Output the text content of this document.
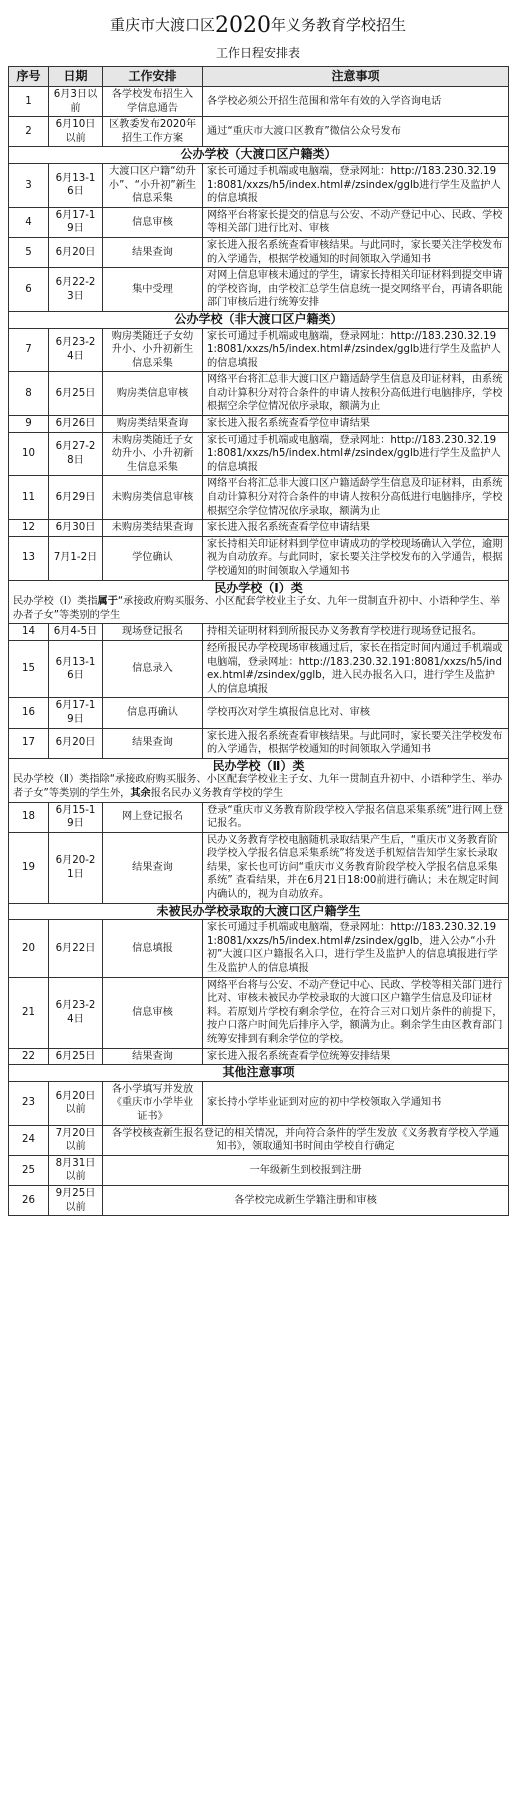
重庆市大渡口区2020年义务教育学校招生
工作日程安排表
序号	日期	工作安排	注意事项
1	6月3日以前	各学校发布招生入学信息通告	各学校必须公开招生范围和常年有效的入学咨询电话
2	6月10日以前	区教委发布2020年招生工作方案	通过“重庆市大渡口区教育”微信公众号发布
公办学校（大渡口区户籍类）			
3	6月13-16日	大渡口区户籍“幼升小”、“小升初”新生信息采集	家长可通过手机端或电脑端，登录网址：http://183.230.32.191:8081/xxzs/h5/index.html#/zsindex/gglb进行学生及监护人的信息填报
4	6月17-19日	信息审核	网络平台将家长提交的信息与公安、不动产登记中心、民政、学校等相关部门进行比对、审核
5	6月20日	结果查询	家长进入报名系统查看审核结果。与此同时，家长要关注学校发布的入学通告，根据学校通知的时间领取入学通知书
6	6月22-23日	集中受理	对网上信息审核未通过的学生，请家长持相关印证材料到提交申请的学校咨询，由学校汇总学生信息统一提交网络平台，再请各职能部门审核后进行统筹安排
公办学校（非大渡口区户籍类）			
7	6月23-24日	购房类随迁子女幼升小、小升初新生信息采集	家长可通过手机端或电脑端，登录网址：http://183.230.32.191:8081/xxzs/h5/index.html#/zsindex/gglb进行学生及监护人的信息填报
8	6月25日	购房类信息审核	网络平台将汇总非大渡口区户籍适龄学生信息及印证材料，由系统自动计算积分对符合条件的申请人按积分高低进行电脑排序，学校根据空余学位情况依序录取，额满为止
9	6月26日	购房类结果查询	家长进入报名系统查看学位申请结果
10	6月27-28日	未购房类随迁子女幼升小、小升初新生信息采集	家长可通过手机端或电脑端，登录网址：http://183.230.32.191:8081/xxzs/h5/index.html#/zsindex/gglb进行学生及监护人的信息填报
11	6月29日	未购房类信息审核	网络平台将汇总非大渡口区户籍适龄学生信息及印证材料，由系统自动计算积分对符合条件的申请人按积分高低进行电脑排序，学校根据空余学位情况依序录取，额满为止
12	6月30日	未购房类结果查询	家长进入报名系统查看学位申请结果
13	7月1-2日	学位确认	家长持相关印证材料到学位申请成功的学校现场确认入学位，逾期视为自动放弃。与此同时，家长要关注学校发布的入学通告，根据学校通知的时间领取入学通知书

民办学校（Ⅰ）类
民办学校（Ⅰ）类指属于“承接政府购买服务、小区配套学校业主子女、九年一贯制直升初中、小语种学生、举办者子女”等类别的学生			
14	6月4-5日	现场登记报名	持相关证明材料到所报民办义务教育学校进行现场登记报名。
15	6月13-16日	信息录入	经所报民办学校现场审核通过后，家长在指定时间内通过手机端或电脑端，登录网址：http://183.230.32.191:8081/xxzs/h5/index.html#/zsindex/gglb，进入民办报名入口，进行学生及监护人的信息填报
16	6月17-19日	信息再确认	学校再次对学生填报信息比对、审核
17	6月20日	结果查询	家长进入报名系统查看审核结果。与此同时，家长要关注学校发布的入学通告，根据学校通知的时间领取入学通知书

民办学校（Ⅱ）类
民办学校（Ⅱ）类指除“承接政府购买服务、小区配套学校业主子女、九年一贯制直升初中、小语种学生、举办者子女”等类别的学生外，其余报名民办义务教育学校的学生			
18	6月15-19日	网上登记报名	登录“重庆市义务教育阶段学校入学报名信息采集系统”进行网上登记报名。
19	6月20-21日	结果查询	民办义务教育学校电脑随机录取结果产生后，“重庆市义务教育阶段学校入学报名信息采集系统”将发送手机短信告知学生家长录取结果，家长也可访问“重庆市义务教育阶段学校入学报名信息采集系统” 查看结果，并在6月21日18:00前进行确认；未在规定时间内确认的，视为自动放弃。
未被民办学校录取的大渡口区户籍学生			
20	6月22日	信息填报	家长可通过手机端或电脑端，登录网址：http://183.230.32.191:8081/xxzs/h5/index.html#/zsindex/gglb，进入公办“小升初”大渡口区户籍报名入口，进行学生及监护人的信息填报进行学生及监护人的信息填报
21	6月23-24日	信息审核	网络平台将与公安、不动产登记中心、民政、学校等相关部门进行比对、审核未被民办学校录取的大渡口区户籍学生信息及印证材料。若原划片学校有剩余学位，在符合三对口划片条件的前提下，按户口落户时间先后排序入学，额满为止。剩余学生由区教育部门统筹安排到有剩余学位的学校。
22	6月25日	结果查询	家长进入报名系统查看学位统筹安排结果
其他注意事项			
23	6月20日以前	各小学填写并发放《重庆市小学毕业证书》	家长持小学毕业证到对应的初中学校领取入学通知书
24	7月20日以前	各学校核查新生报名登记的相关情况，并向符合条件的学生发放《义务教育学校入学通知书》，领取通知书时间由学校自行确定	
25	8月31日以前	一年级新生到校报到注册	
26	9月25日以前	各学校完成新生学籍注册和审核	
